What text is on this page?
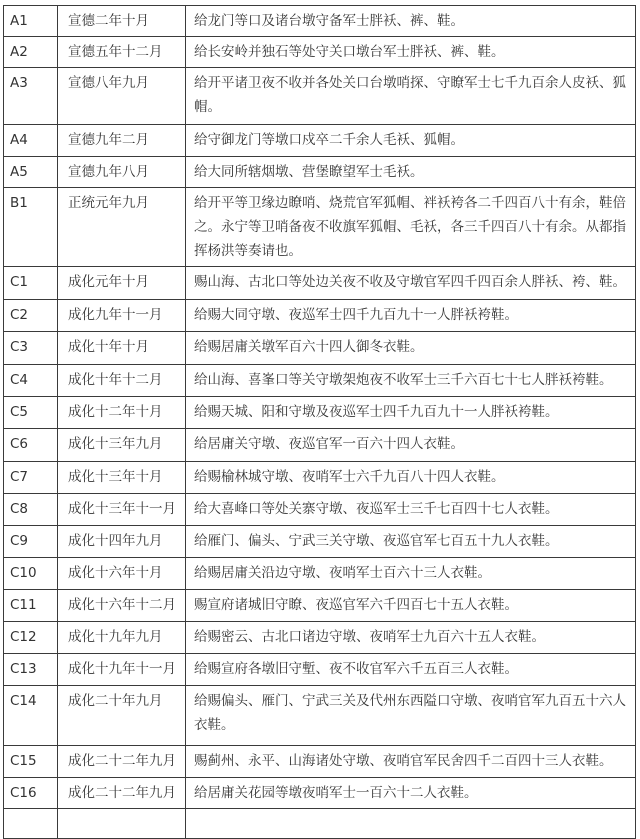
A1	宣德二年十月	给龙门等口及诸台墩守备军士胖袄、裤、鞋。
A2	宣德五年十二月	给长安岭并独石等处守关口墩台军士胖袄、裤、鞋。
A3	宣德八年九月	给开平诸卫夜不收并各处关口台墩哨探、守瞭军士七千九百余人皮袄、狐帽。
A4	宣德九年二月	给守御龙门等墩口戍卒二千余人毛袄、狐帽。
A5	宣德九年八月	给大同所辖烟墩、营堡瞭望军士毛袄。
B1	正统元年九月	给开平等卫缘边瞭哨、烧荒官军狐帽、袢袄袴各二千四百八十有余，鞋倍之。永宁等卫哨备夜不收旗军狐帽、毛袄，各三千四百八十有余。从都指挥杨洪等奏请也。
C1	成化元年十月	赐山海、古北口等处边关夜不收及守墩官军四千四百余人胖袄、袴、鞋。
C2	成化九年十一月	给赐大同守墩、夜巡军士四千九百九十一人胖袄袴鞋。
C3	成化十年十月	给赐居庸关墩军百六十四人御冬衣鞋。
C4	成化十年十二月	给山海、喜峯口等关守墩架炮夜不收军士三千六百七十七人胖袄袴鞋。
C5	成化十二年十月	给赐天城、阳和守墩及夜巡军士四千九百九十一人胖袄袴鞋。
C6	成化十三年九月	给居庸关守墩、夜巡官军一百六十四人衣鞋。
C7	成化十三年十月	给赐榆林城守墩、夜哨军士六千九百八十四人衣鞋。
C8	成化十三年十一月	给大喜峰口等处关寨守墩、夜巡军士三千七百四十七人衣鞋。
C9	成化十四年九月	给雁门、偏头、宁武三关守墩、夜巡官军七百五十九人衣鞋。
C10	成化十六年十月	给赐居庸关沿边守墩、夜哨军士百六十三人衣鞋。
C11	成化十六年十二月	赐宣府诸城旧守瞭、夜巡官军六千四百七十五人衣鞋。
C12	成化十九年九月	给赐密云、古北口诸边守墩、夜哨军士九百六十五人衣鞋。
C13	成化十九年十一月	给赐宣府各墩旧守塹、夜不收官军六千五百三人衣鞋。
C14	成化二十年九月	给赐偏头、雁门、宁武三关及代州东西隘口守墩、夜哨官军九百五十六人衣鞋。
C15	成化二十二年九月	赐蓟州、永平、山海诸处守墩、夜哨官军民舍四千二百四十三人衣鞋。
C16	成化二十二年九月	给居庸关花园等墩夜哨军士一百六十二人衣鞋。
